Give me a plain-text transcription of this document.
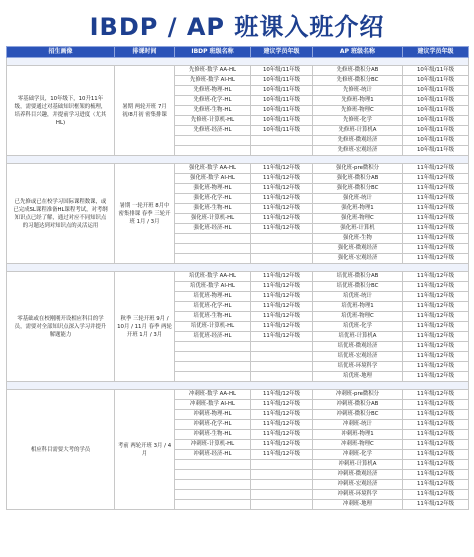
IBDP / AP 班课入班介绍
招生画像	排课时间	IBDP 班级名称	建议学员年级	AP 班级名称	建议学员年级

零基础学员，10年级下，10升11年级，需要通过对基础知识框架的梳理，培养科目兴趣，并提前学习进度（尤其HL)	暑期 两轮开班 7月初/8月初 密集排课	先修班-数学 AA-HL	10年级/11年级	先修班-微积分AB	10年级/11年级
		先修班-数学 AI-HL	10年级/11年级	先修班-微积分BC	10年级/11年级
		先修班-物理-HL	10年级/11年级	先修班-统计	10年级/11年级
		先修班-化学-HL	10年级/11年级	先修班-物理1	10年级/11年级
		先修班-生物-HL	10年级/11年级	先修班-物理C	10年级/11年级
		先修班-计算机-HL	10年级/11年级	先修班-化学	10年级/11年级
		先修班-经济-HL	10年级/11年级	先修班-计算机A	10年级/11年级
				先修班-微观经济	10年级/11年级
				先修班-宏观经济	10年级/11年级

已先修或已在校学习国际课程数课，或已完成SL课程准备HL课程考试，对考纲知识点已经了解，通过对应不同知识点的习题达到对知识点的灵活运用	暑期 一轮开班 8月中 密集排课 春季 三轮开班 1月 / 3月	强化班-数学 AA-HL	11年级/12年级	强化班-pre微积分	11年级/12年级
		强化班-数学 AI-HL	11年级/12年级	强化班-微积分AB	11年级/12年级
		强化班-物理-HL	11年级/12年级	强化班-微积分BC	11年级/12年级
		强化班-化学-HL	11年级/12年级	强化班-统计	11年级/12年级
		强化班-生物-HL	11年级/12年级	强化班-物理1	11年级/12年级
		强化班-计算机-HL	11年级/12年级	强化班-物理C	11年级/12年级
		强化班-经济-HL	11年级/12年级	强化班-计算机	11年级/12年级
				强化班-生物	11年级/12年级
				强化班-微观经济	11年级/12年级
				强化班-宏观经济	11年级/12年级

零基础或在校刚刚开设相应科目的学员，需要对全部知识点深入学习并提升解题能力	秋季 三轮开班 9月 / 10月 / 11月 春季 两轮开班 1月 / 3月	培优班-数学 AA-HL	11年级/12年级	培优班-微积分AB	11年级/12年级
		培优班-数学 AI-HL	11年级/12年级	培优班-微积分BC	11年级/12年级
		培优班-物理-HL	11年级/12年级	培优班-统计	11年级/12年级
		培优班-化学-HL	11年级/12年级	培优班-物理1	11年级/12年级
		培优班-生物-HL	11年级/12年级	培优班-物理C	11年级/12年级
		培优班-计算机-HL	11年级/12年级	培优班-化学	11年级/12年级
		培优班-经济-HL	11年级/12年级	培优班-计算机A	11年级/12年级
				培优班-微观经济	11年级/12年级
				培优班-宏观经济	11年级/12年级
				培优班-环境科学	11年级/12年级
				培优班-地理	11年级/12年级

相应科目需要大考的学员	考前 两轮开班 3月 / 4月	冲刺班-数学 AA-HL	11年级/12年级	冲刺班-pre微积分	11年级/12年级
		冲刺班-数学 AI-HL	11年级/12年级	冲刺班-微积分AB	11年级/12年级
		冲刺班-物理-HL	11年级/12年级	冲刺班-微积分BC	11年级/12年级
		冲刺班-化学-HL	11年级/12年级	冲刺班-统计	11年级/12年级
		冲刺班-生物-HL	11年级/12年级	冲刺班-物理1	11年级/12年级
		冲刺班-计算机-HL	11年级/12年级	冲刺班-物理C	11年级/12年级
		冲刺班-经济-HL	11年级/12年级	冲刺班-化学	11年级/12年级
				冲刺班-计算机A	11年级/12年级
				冲刺班-微观经济	11年级/12年级
				冲刺班-宏观经济	11年级/12年级
				冲刺班-环境科学	11年级/12年级
				冲刺班-地理	11年级/12年级
